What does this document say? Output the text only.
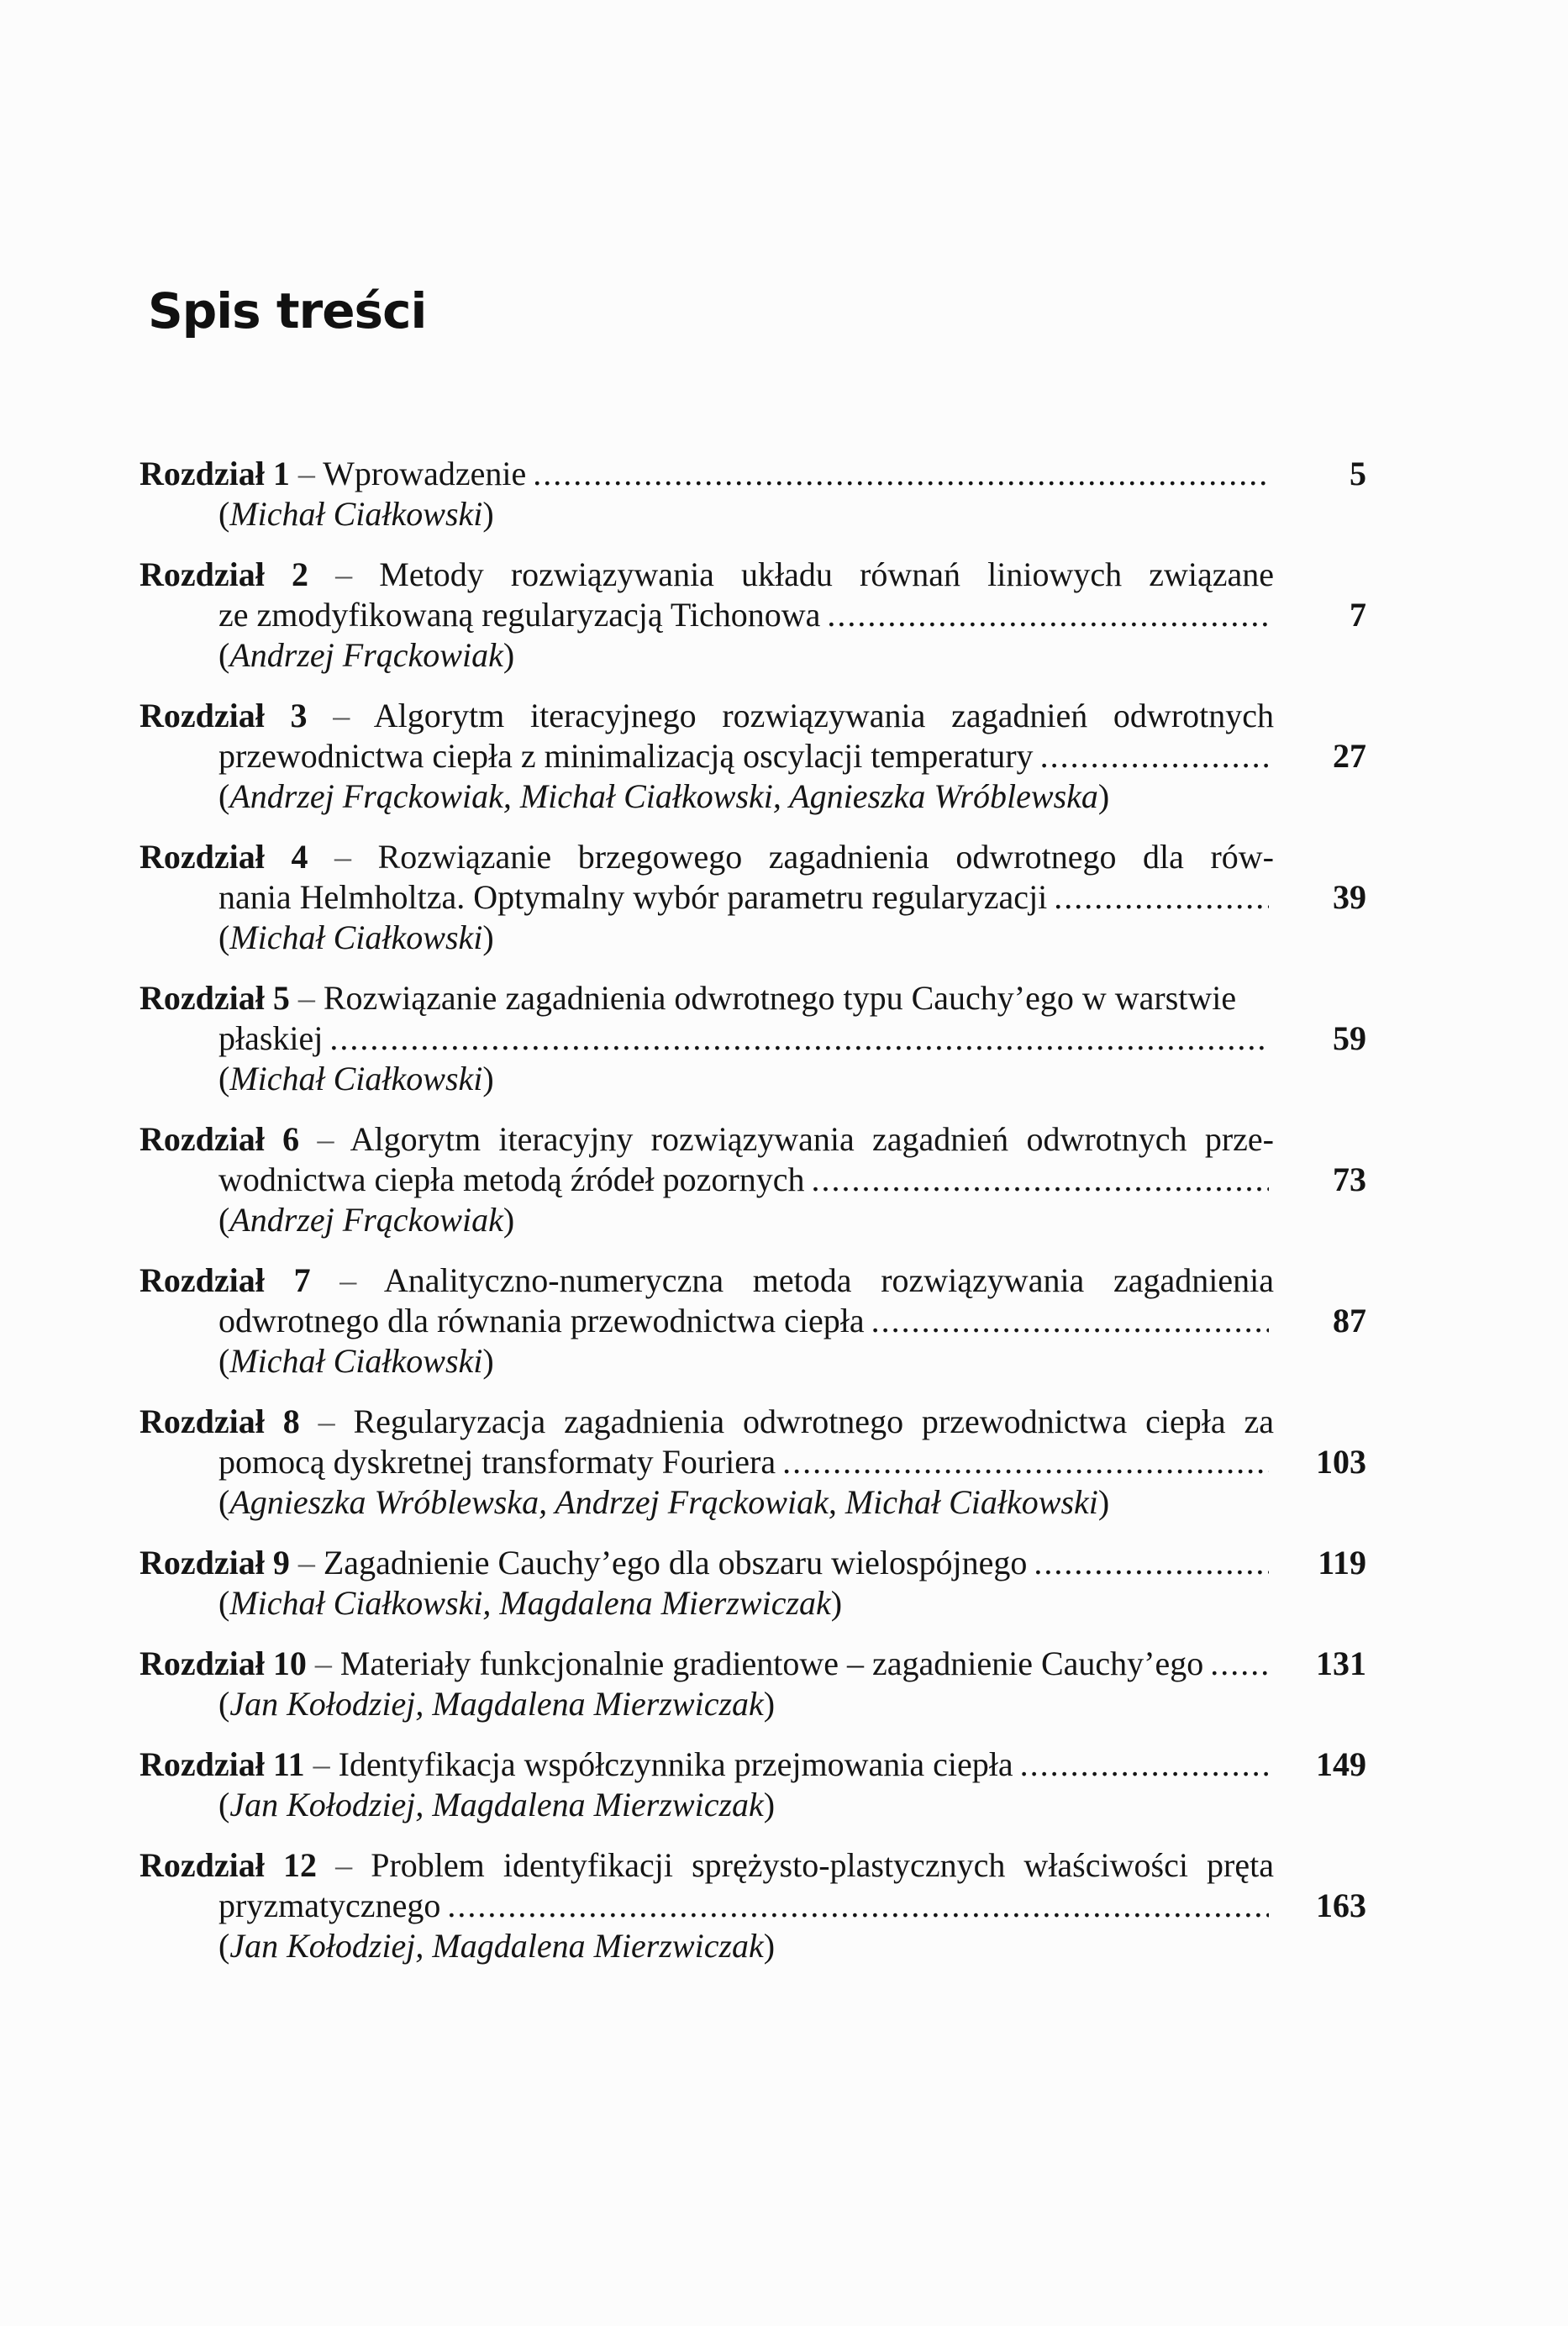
Spis treści
Rozdział 1 – Wprowadzenie .....	5
(Michał Ciałkowski)
Rozdział 2 – Metody rozwiązywania układu równań liniowych związane
ze zmodyfikowaną regularyzacją Tichonowa .....	7
(Andrzej Frąckowiak)
Rozdział 3 – Algorytm iteracyjnego rozwiązywania zagadnień odwrotnych
przewodnictwa ciepła z minimalizacją oscylacji temperatury .....	27
(Andrzej Frąckowiak, Michał Ciałkowski, Agnieszka Wróblewska)
Rozdział 4 – Rozwiązanie brzegowego zagadnienia odwrotnego dla rów-
nania Helmholtza. Optymalny wybór parametru regularyzacji .....	39
(Michał Ciałkowski)
Rozdział 5 – Rozwiązanie zagadnienia odwrotnego typu Cauchy’ego w warstwie
płaskiej .....	59
(Michał Ciałkowski)
Rozdział 6 – Algorytm iteracyjny rozwiązywania zagadnień odwrotnych prze-
wodnictwa ciepła metodą źródeł pozornych .....	73
(Andrzej Frąckowiak)
Rozdział 7 – Analityczno-numeryczna metoda rozwiązywania zagadnienia
odwrotnego dla równania przewodnictwa ciepła .....	87
(Michał Ciałkowski)
Rozdział 8 – Regularyzacja zagadnienia odwrotnego przewodnictwa ciepła za
pomocą dyskretnej transformaty Fouriera .....	103
(Agnieszka Wróblewska, Andrzej Frąckowiak, Michał Ciałkowski)
Rozdział 9 – Zagadnienie Cauchy’ego dla obszaru wielospójnego .....	119
(Michał Ciałkowski, Magdalena Mierzwiczak)
Rozdział 10 – Materiały funkcjonalnie gradientowe – zagadnienie Cauchy’ego .....	131
(Jan Kołodziej, Magdalena Mierzwiczak)
Rozdział 11 – Identyfikacja współczynnika przejmowania ciepła .....	149
(Jan Kołodziej, Magdalena Mierzwiczak)
Rozdział 12 – Problem identyfikacji sprężysto-plastycznych właściwości pręta
pryzmatycznego .....	163
(Jan Kołodziej, Magdalena Mierzwiczak)
